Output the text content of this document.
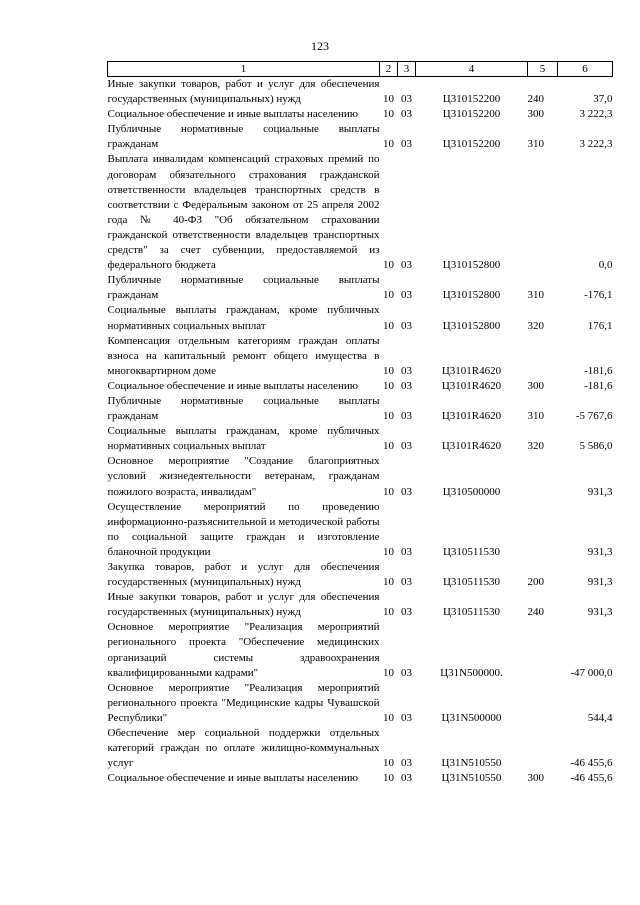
123
1	2	3	4	5	6
Иные закупки товаров, работ и услуг для обеспечения государственных (муниципальных) нужд	10	03	Ц310152200	240	37,0
Социальное обеспечение и иные выплаты населению	10	03	Ц310152200	300	3 222,3
Публичные нормативные социальные выплаты гражданам	10	03	Ц310152200	310	3 222,3
Выплата инвалидам компенсаций страховых премий по договорам обязательного страхования гражданской ответственности владельцев транспортных средств в соответствии с Федеральным законом от 25 апреля 2002 года № 40-ФЗ "Об обязательном страховании гражданской ответственности владельцев транспортных средств" за счет субвенции, предоставляемой из федерального бюджета	10	03	Ц310152800		0,0
Публичные нормативные социальные выплаты гражданам	10	03	Ц310152800	310	-176,1
Социальные выплаты гражданам, кроме публичных нормативных социальных выплат	10	03	Ц310152800	320	176,1
Компенсация отдельным категориям граждан оплаты взноса на капитальный ремонт общего имущества в многоквартирном доме	10	03	Ц3101R4620		-181,6
Социальное обеспечение и иные выплаты населению	10	03	Ц3101R4620	300	-181,6
Публичные нормативные социальные выплаты гражданам	10	03	Ц3101R4620	310	-5 767,6
Социальные выплаты гражданам, кроме публичных нормативных социальных выплат	10	03	Ц3101R4620	320	5 586,0
Основное мероприятие "Создание благоприятных условий жизнедеятельности ветеранам, гражданам пожилого возраста, инвалидам"	10	03	Ц310500000		931,3
Осуществление мероприятий по проведению информационно-разъяснительной и методической работы по социальной защите граждан и изготовление бланочной продукции	10	03	Ц310511530		931,3
Закупка товаров, работ и услуг для обеспечения государственных (муниципальных) нужд	10	03	Ц310511530	200	931,3
Иные закупки товаров, работ и услуг для обеспечения государственных (муниципальных) нужд	10	03	Ц310511530	240	931,3
Основное мероприятие "Реализация мероприятий регионального проекта "Обеспечение медицинских организаций системы здравоохранения квалифицированными кадрами"	10	03	Ц31N500000.		-47 000,0
Основное мероприятие "Реализация мероприятий регионального проекта "Медицинские кадры Чувашской Республики"	10	03	Ц31N500000		544,4
Обеспечение мер социальной поддержки отдельных категорий граждан по оплате жилищно-коммунальных услуг	10	03	Ц31N510550		-46 455,6
Социальное обеспечение и иные выплаты населению	10	03	Ц31N510550	300	-46 455,6
